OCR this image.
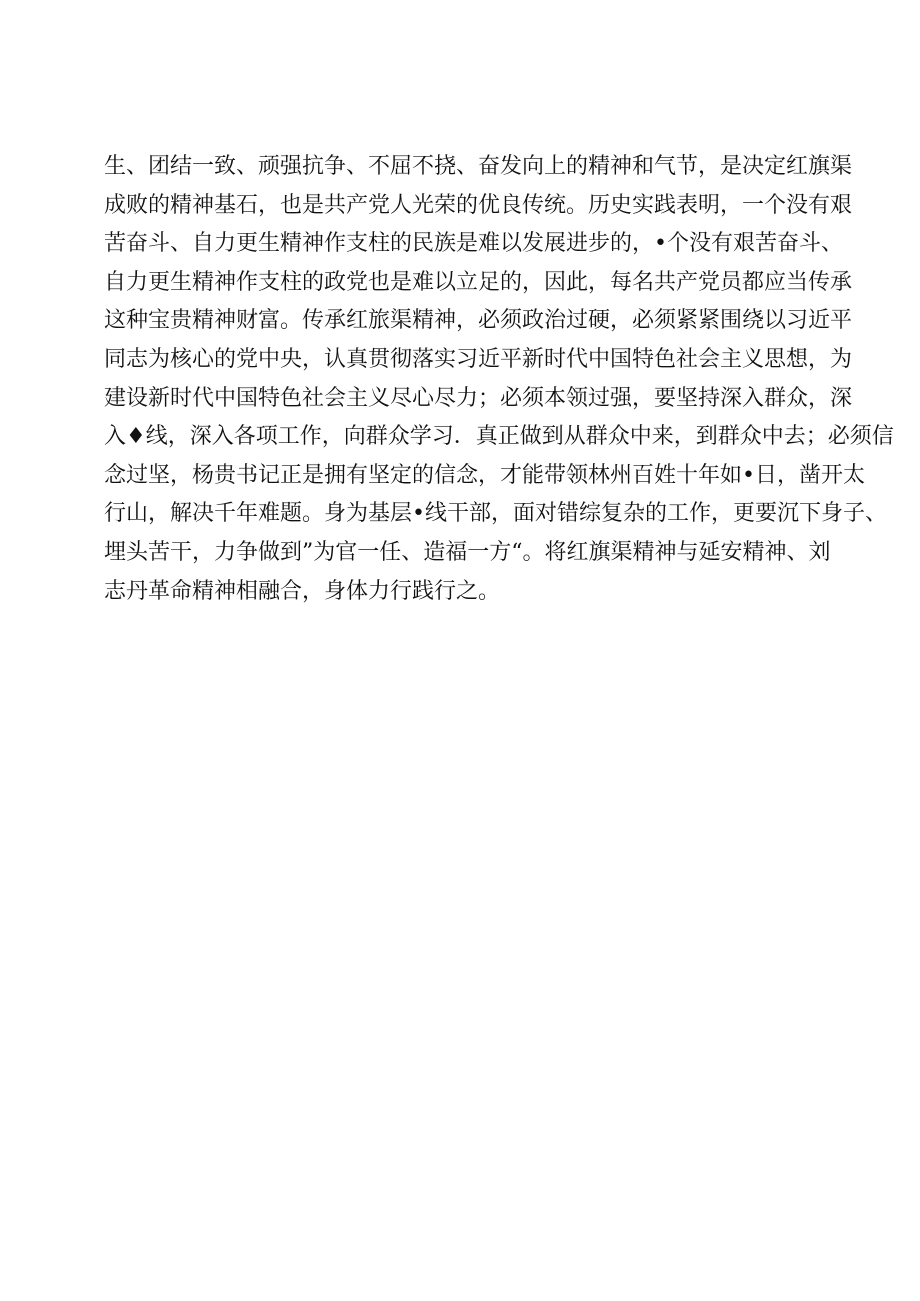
生、团结一致、顽强抗争、不屈不挠、奋发向上的精神和气节，是决定红旗渠
成败的精神基石，也是共产党人光荣的优良传统。历史实践表明，一个没有艰
苦奋斗、自力更生精神作支柱的民族是难以发展进步的，•个没有艰苦奋斗、
自力更生精神作支柱的政党也是难以立足的，因此，每名共产党员都应当传承
这种宝贵精神财富。传承红旅渠精神，必须政治过硬，必须紧紧围绕以习近平
同志为核心的党中央，认真贯彻落实习近平新时代中国特色社会主义思想，为
建设新时代中国特色社会主义尽心尽力；必须本领过强，要坚持深入群众，深
入♦线，深入各项工作，向群众学习．真正做到从群众中来，到群众中去；必须信
念过坚，杨贵书记正是拥有坚定的信念，才能带领林州百姓十年如•日，凿开太
行山，解决千年难题。身为基层•线干部，面对错综复杂的工作，更要沉下身子、
埋头苦干，力争做到”为官一任、造福一方“。将红旗渠精神与延安精神、刘
志丹革命精神相融合，身体力行践行之。
